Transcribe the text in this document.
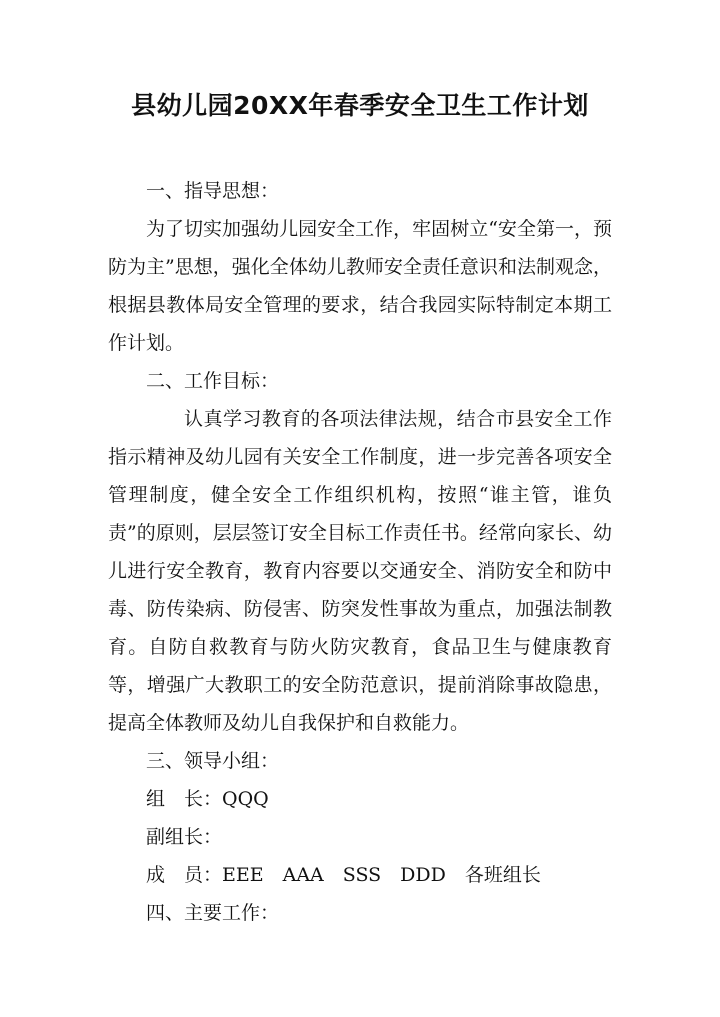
县幼儿园20XX年春季安全卫生工作计划

一、指导思想：

为了切实加强幼儿园安全工作，牢固树立“安全第一，预防为主”思想，强化全体幼儿教师安全责任意识和法制观念，根据县教体局安全管理的要求，结合我园实际特制定本期工作计划。

二、工作目标：

认真学习教育的各项法律法规，结合市县安全工作指示精神及幼儿园有关安全工作制度，进一步完善各项安全管理制度，健全安全工作组织机构，按照“谁主管，谁负责”的原则，层层签订安全目标工作责任书。经常向家长、幼儿进行安全教育，教育内容要以交通安全、消防安全和防中毒、防传染病、防侵害、防突发性事故为重点，加强法制教育。自防自救教育与防火防灾教育，食品卫生与健康教育等，增强广大教职工的安全防范意识，提前消除事故隐患，提高全体教师及幼儿自我保护和自救能力。

三、领导小组：

组　长：QQQ

副组长：

成　员：EEE　AAA　SSS　DDD　各班组长

四、主要工作：
